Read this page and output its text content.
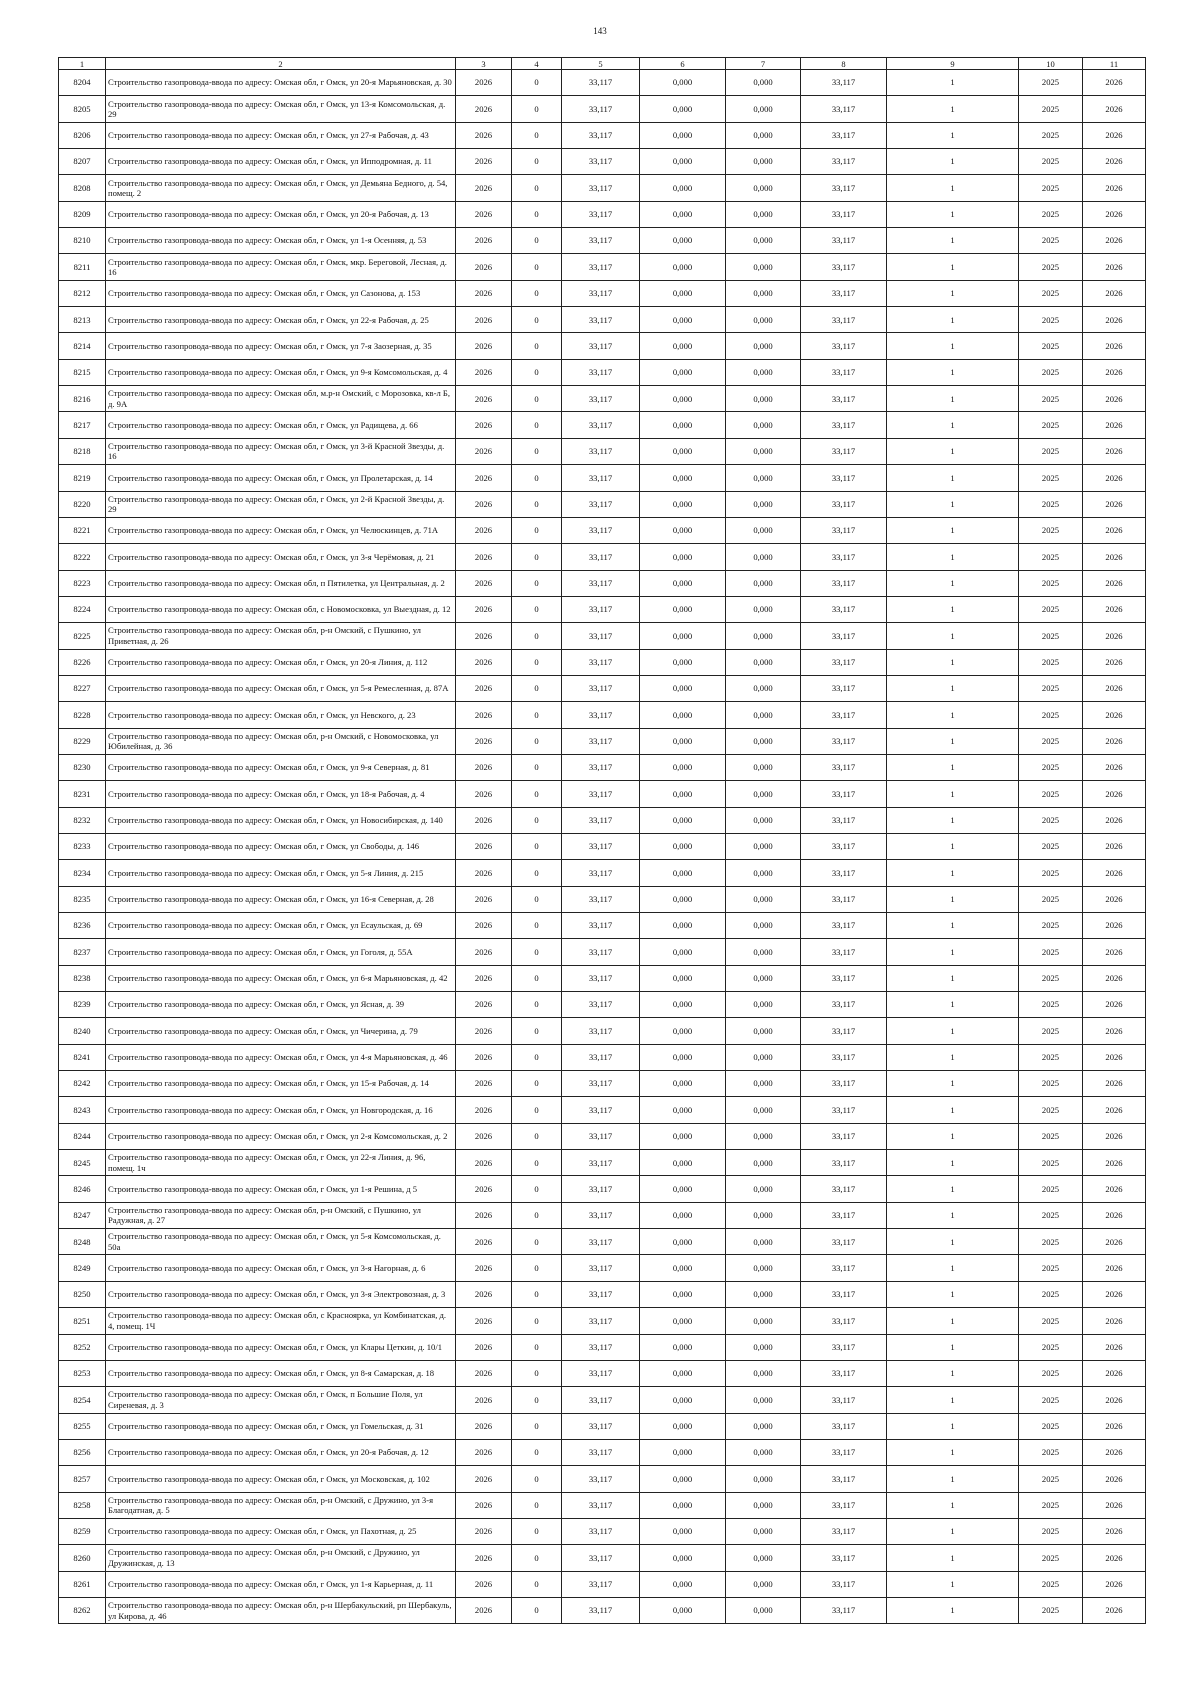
143
1	2	3	4	5	6	7	8	9	10	11
8204	Строительство газопровода-ввода по адресу: Омская обл, г Омск, ул 20-я Марьяновская, д. 30	2026	0	33,117	0,000	0,000	33,117	1	2025	2026
8205	Строительство газопровода-ввода по адресу: Омская обл, г Омск, ул 13-я Комсомольская, д. 29	2026	0	33,117	0,000	0,000	33,117	1	2025	2026
8206	Строительство газопровода-ввода по адресу: Омская обл, г Омск, ул 27-я Рабочая, д. 43	2026	0	33,117	0,000	0,000	33,117	1	2025	2026
8207	Строительство газопровода-ввода по адресу: Омская обл, г Омск, ул Ипподромная, д. 11	2026	0	33,117	0,000	0,000	33,117	1	2025	2026
8208	Строительство газопровода-ввода по адресу: Омская обл, г Омск, ул Демьяна Бедного, д. 54, помещ. 2	2026	0	33,117	0,000	0,000	33,117	1	2025	2026
8209	Строительство газопровода-ввода по адресу: Омская обл, г Омск, ул 20-я Рабочая, д. 13	2026	0	33,117	0,000	0,000	33,117	1	2025	2026
8210	Строительство газопровода-ввода по адресу: Омская обл, г Омск, ул 1-я Осенняя, д. 53	2026	0	33,117	0,000	0,000	33,117	1	2025	2026
8211	Строительство газопровода-ввода по адресу: Омская обл, г Омск, мкр. Береговой, Лесная, д. 16	2026	0	33,117	0,000	0,000	33,117	1	2025	2026
8212	Строительство газопровода-ввода по адресу: Омская обл, г Омск, ул Сазонова, д. 153	2026	0	33,117	0,000	0,000	33,117	1	2025	2026
8213	Строительство газопровода-ввода по адресу: Омская обл, г Омск, ул 22-я Рабочая, д. 25	2026	0	33,117	0,000	0,000	33,117	1	2025	2026
8214	Строительство газопровода-ввода по адресу: Омская обл, г Омск, ул 7-я Заозерная, д. 35	2026	0	33,117	0,000	0,000	33,117	1	2025	2026
8215	Строительство газопровода-ввода по адресу: Омская обл, г Омск, ул 9-я Комсомольская, д. 4	2026	0	33,117	0,000	0,000	33,117	1	2025	2026
8216	Строительство газопровода-ввода по адресу: Омская обл, м.р-н Омский, с Морозовка, кв-л Б, д. 9А	2026	0	33,117	0,000	0,000	33,117	1	2025	2026
8217	Строительство газопровода-ввода по адресу: Омская обл, г Омск, ул Радищева, д. 66	2026	0	33,117	0,000	0,000	33,117	1	2025	2026
8218	Строительство газопровода-ввода по адресу: Омская обл, г Омск, ул 3-й Красной Звезды, д. 16	2026	0	33,117	0,000	0,000	33,117	1	2025	2026
8219	Строительство газопровода-ввода по адресу: Омская обл, г Омск, ул Пролетарская, д. 14	2026	0	33,117	0,000	0,000	33,117	1	2025	2026
8220	Строительство газопровода-ввода по адресу: Омская обл, г Омск, ул 2-й Красной Звезды, д. 29	2026	0	33,117	0,000	0,000	33,117	1	2025	2026
8221	Строительство газопровода-ввода по адресу: Омская обл, г Омск, ул Челюскинцев, д. 71А	2026	0	33,117	0,000	0,000	33,117	1	2025	2026
8222	Строительство газопровода-ввода по адресу: Омская обл, г Омск, ул 3-я Черёмовая, д. 21	2026	0	33,117	0,000	0,000	33,117	1	2025	2026
8223	Строительство газопровода-ввода по адресу: Омская обл, п Пятилетка, ул Центральная, д. 2	2026	0	33,117	0,000	0,000	33,117	1	2025	2026
8224	Строительство газопровода-ввода по адресу: Омская обл, с Новомосковка, ул Выездная, д. 12	2026	0	33,117	0,000	0,000	33,117	1	2025	2026
8225	Строительство газопровода-ввода по адресу: Омская обл, р-н Омский, с Пушкино, ул Приветная, д. 26	2026	0	33,117	0,000	0,000	33,117	1	2025	2026
8226	Строительство газопровода-ввода по адресу: Омская обл, г Омск, ул 20-я Линия, д. 112	2026	0	33,117	0,000	0,000	33,117	1	2025	2026
8227	Строительство газопровода-ввода по адресу: Омская обл, г Омск, ул 5-я Ремесленная, д. 87А	2026	0	33,117	0,000	0,000	33,117	1	2025	2026
8228	Строительство газопровода-ввода по адресу: Омская обл, г Омск, ул Невского, д. 23	2026	0	33,117	0,000	0,000	33,117	1	2025	2026
8229	Строительство газопровода-ввода по адресу: Омская обл, р-н Омский, с Новомосковка, ул Юбилейная, д. 36	2026	0	33,117	0,000	0,000	33,117	1	2025	2026
8230	Строительство газопровода-ввода по адресу: Омская обл, г Омск, ул 9-я Северная, д. 81	2026	0	33,117	0,000	0,000	33,117	1	2025	2026
8231	Строительство газопровода-ввода по адресу: Омская обл, г Омск, ул 18-я Рабочая, д. 4	2026	0	33,117	0,000	0,000	33,117	1	2025	2026
8232	Строительство газопровода-ввода по адресу: Омская обл, г Омск, ул Новосибирская, д. 140	2026	0	33,117	0,000	0,000	33,117	1	2025	2026
8233	Строительство газопровода-ввода по адресу: Омская обл, г Омск, ул Свободы, д. 146	2026	0	33,117	0,000	0,000	33,117	1	2025	2026
8234	Строительство газопровода-ввода по адресу: Омская обл, г Омск, ул 5-я Линия, д. 215	2026	0	33,117	0,000	0,000	33,117	1	2025	2026
8235	Строительство газопровода-ввода по адресу: Омская обл, г Омск, ул 16-я Северная, д. 28	2026	0	33,117	0,000	0,000	33,117	1	2025	2026
8236	Строительство газопровода-ввода по адресу: Омская обл, г Омск, ул Есаульская, д. 69	2026	0	33,117	0,000	0,000	33,117	1	2025	2026
8237	Строительство газопровода-ввода по адресу: Омская обл, г Омск, ул Гоголя, д. 55А	2026	0	33,117	0,000	0,000	33,117	1	2025	2026
8238	Строительство газопровода-ввода по адресу: Омская обл, г Омск, ул 6-я Марьяновская, д. 42	2026	0	33,117	0,000	0,000	33,117	1	2025	2026
8239	Строительство газопровода-ввода по адресу: Омская обл, г Омск, ул Ясная, д. 39	2026	0	33,117	0,000	0,000	33,117	1	2025	2026
8240	Строительство газопровода-ввода по адресу: Омская обл, г Омск, ул Чичерина, д. 79	2026	0	33,117	0,000	0,000	33,117	1	2025	2026
8241	Строительство газопровода-ввода по адресу: Омская обл, г Омск, ул 4-я Марьяновская, д. 46	2026	0	33,117	0,000	0,000	33,117	1	2025	2026
8242	Строительство газопровода-ввода по адресу: Омская обл, г Омск, ул 15-я Рабочая, д. 14	2026	0	33,117	0,000	0,000	33,117	1	2025	2026
8243	Строительство газопровода-ввода по адресу: Омская обл, г Омск, ул Новгородская, д. 16	2026	0	33,117	0,000	0,000	33,117	1	2025	2026
8244	Строительство газопровода-ввода по адресу: Омская обл, г Омск, ул 2-я Комсомольская, д. 2	2026	0	33,117	0,000	0,000	33,117	1	2025	2026
8245	Строительство газопровода-ввода по адресу: Омская обл, г Омск, ул 22-я Линия, д. 96, помещ. 1ч	2026	0	33,117	0,000	0,000	33,117	1	2025	2026
8246	Строительство газопровода-ввода по адресу: Омская обл, г Омск, ул 1-я Решина, д 5	2026	0	33,117	0,000	0,000	33,117	1	2025	2026
8247	Строительство газопровода-ввода по адресу: Омская обл, р-н Омский, с Пушкино, ул Радужная, д. 27	2026	0	33,117	0,000	0,000	33,117	1	2025	2026
8248	Строительство газопровода-ввода по адресу: Омская обл, г Омск, ул 5-я Комсомольская, д. 50а	2026	0	33,117	0,000	0,000	33,117	1	2025	2026
8249	Строительство газопровода-ввода по адресу: Омская обл, г Омск, ул 3-я Нагорная, д. 6	2026	0	33,117	0,000	0,000	33,117	1	2025	2026
8250	Строительство газопровода-ввода по адресу: Омская обл, г Омск, ул 3-я Электровозная, д. 3	2026	0	33,117	0,000	0,000	33,117	1	2025	2026
8251	Строительство газопровода-ввода по адресу: Омская обл, с Красноярка, ул Комбинатская, д. 4, помещ. 1Ч	2026	0	33,117	0,000	0,000	33,117	1	2025	2026
8252	Строительство газопровода-ввода по адресу: Омская обл, г Омск, ул Клары Цеткин, д. 10/1	2026	0	33,117	0,000	0,000	33,117	1	2025	2026
8253	Строительство газопровода-ввода по адресу: Омская обл, г Омск, ул 8-я Самарская, д. 18	2026	0	33,117	0,000	0,000	33,117	1	2025	2026
8254	Строительство газопровода-ввода по адресу: Омская обл, г Омск, п Большие Поля, ул Сиреневая, д. 3	2026	0	33,117	0,000	0,000	33,117	1	2025	2026
8255	Строительство газопровода-ввода по адресу: Омская обл, г Омск, ул Гомельская, д. 31	2026	0	33,117	0,000	0,000	33,117	1	2025	2026
8256	Строительство газопровода-ввода по адресу: Омская обл, г Омск, ул 20-я Рабочая, д. 12	2026	0	33,117	0,000	0,000	33,117	1	2025	2026
8257	Строительство газопровода-ввода по адресу: Омская обл, г Омск, ул Московская, д. 102	2026	0	33,117	0,000	0,000	33,117	1	2025	2026
8258	Строительство газопровода-ввода по адресу: Омская обл, р-н Омский, с Дружино, ул 3-я Благодатная, д. 5	2026	0	33,117	0,000	0,000	33,117	1	2025	2026
8259	Строительство газопровода-ввода по адресу: Омская обл, г Омск, ул Пахотная, д. 25	2026	0	33,117	0,000	0,000	33,117	1	2025	2026
8260	Строительство газопровода-ввода по адресу: Омская обл, р-н Омский, с Дружино, ул Дружинская, д. 13	2026	0	33,117	0,000	0,000	33,117	1	2025	2026
8261	Строительство газопровода-ввода по адресу: Омская обл, г Омск, ул 1-я Карьерная, д. 11	2026	0	33,117	0,000	0,000	33,117	1	2025	2026
8262	Строительство газопровода-ввода по адресу: Омская обл, р-н Шербакульский, рп Шербакуль, ул Кирова, д. 46	2026	0	33,117	0,000	0,000	33,117	1	2025	2026
